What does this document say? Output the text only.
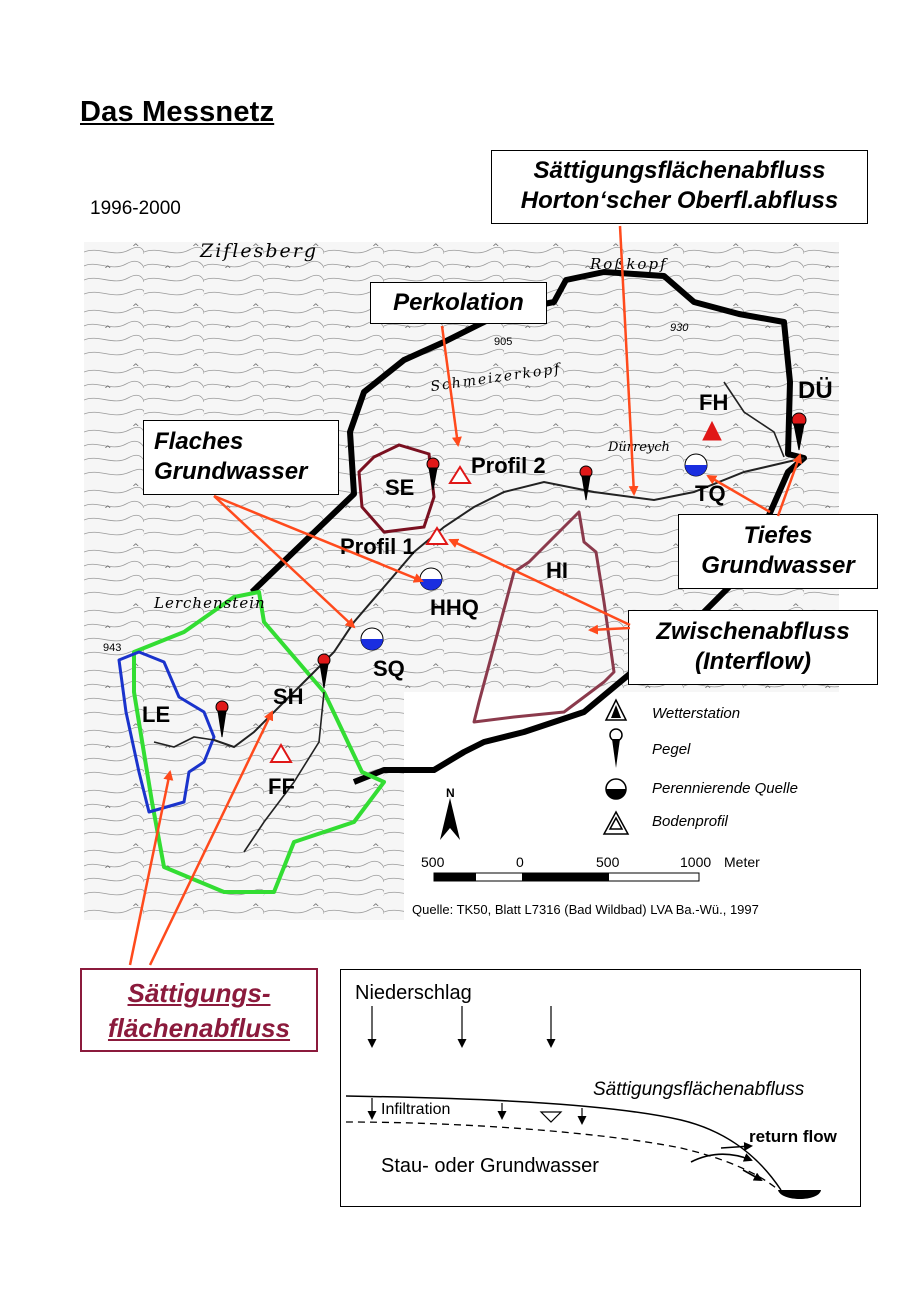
Das Messnetz
1996-2000
Ziflesberg
Roßkopf
Schmeizerkopf
Lerchenstein
Dürreych
905
930
943
FH	DÜ
SE
Profil 2
Profil 1
TQ
HI
HHQ
SQ
SH
LE
FF
Wetterstation
Pegel
Perennierende Quelle
Bodenprofil
500	0	500	1000 Meter
N
Quelle: TK50, Blatt L7316 (Bad Wildbad) LVA Ba.-Wü., 1997
Sättigungsflächenabfluss
Horton‘scher Oberfl.abfluss
Perkolation
Flaches
Grundwasser
Tiefes
Grundwasser
Zwischenabfluss
(Interflow)
Sättigungs-
flächenabfluss
Niederschlag
Sättigungsflächenabfluss
Infiltration
return flow
Stau- oder Grundwasser
